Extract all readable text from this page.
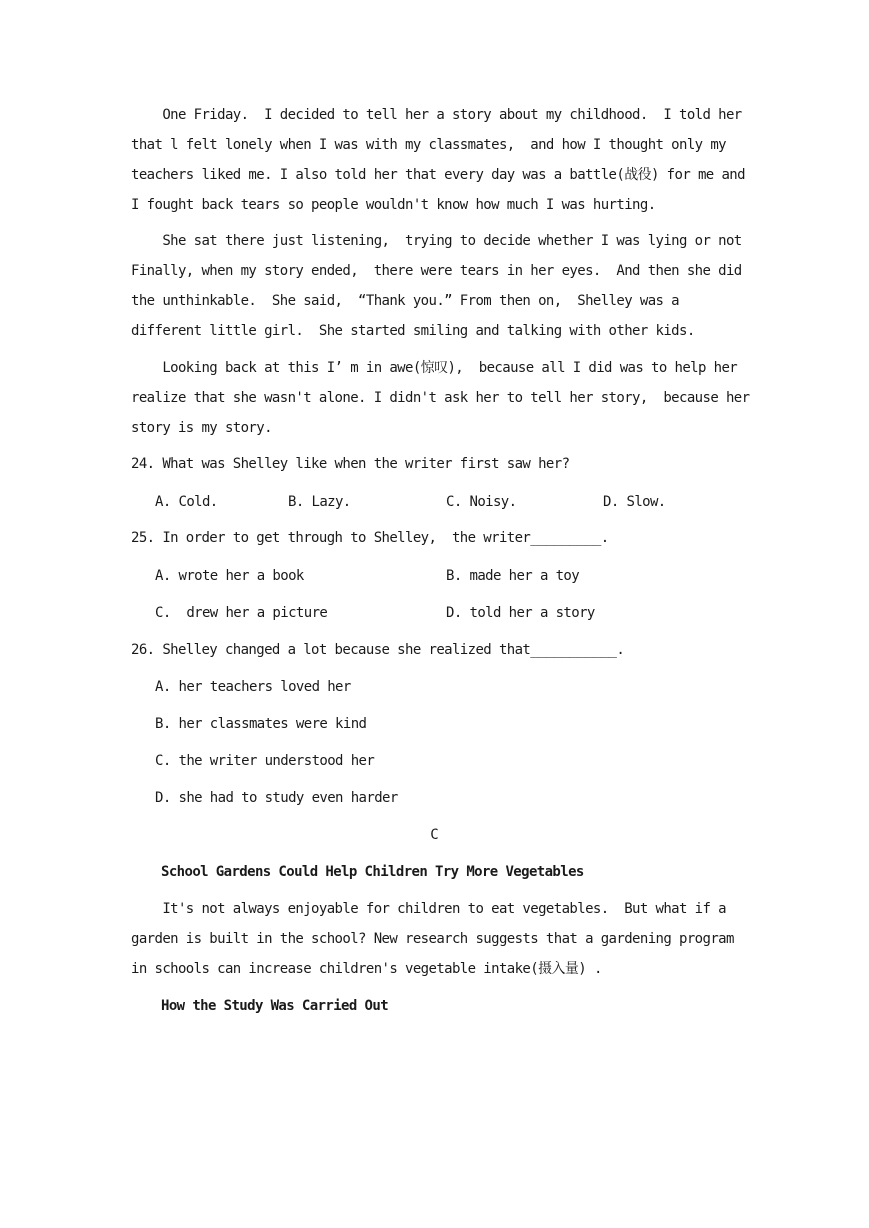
One Friday.  I decided to tell her a story about my childhood.  I told her
that l felt lonely when I was with my classmates,  and how I thought only my
teachers liked me. I also told her that every day was a battle(战役) for me and
I fought back tears so people wouldn't know how much I was hurting.
She sat there just listening,  trying to decide whether I was lying or not
Finally, when my story ended,  there were tears in her eyes.  And then she did
the unthinkable.  She said,  “Thank you.” From then on,  Shelley was a
different little girl.  She started smiling and talking with other kids.
Looking back at this I’ m in awe(惊叹),  because all I did was to help her
realize that she wasn't alone. I didn't ask her to tell her story,  because her
story is my story.
24. What was Shelley like when the writer first saw her?
A. Cold.	B. Lazy.	C. Noisy.	D. Slow.
25. In order to get through to Shelley,  the writer_________.
A. wrote her a book	B. made her a toy
C.  drew her a picture	D. told her a story
26. Shelley changed a lot because she realized that___________.
A. her teachers loved her
B. her classmates were kind
C. the writer understood her
D. she had to study even harder
C
School Gardens Could Help Children Try More Vegetables
It's not always enjoyable for children to eat vegetables.  But what if a
garden is built in the school? New research suggests that a gardening program
in schools can increase children's vegetable intake(摄入量) .
How the Study Was Carried Out
